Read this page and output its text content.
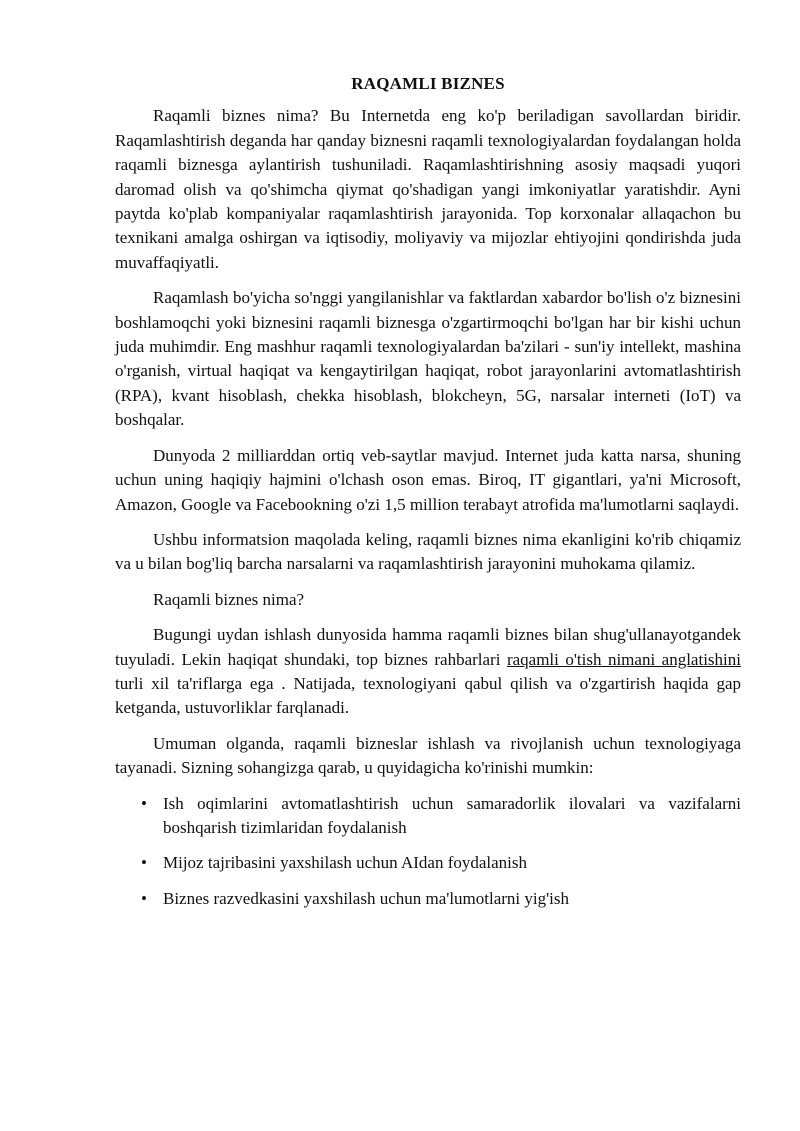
RAQAMLI BIZNES

Raqamli biznes nima? Bu Internetda eng ko'p beriladigan savollardan biridir. Raqamlashtirish deganda har qanday biznesni raqamli texnologiyalardan foydalangan holda raqamli biznesga aylantirish tushuniladi. Raqamlashtirishning asosiy maqsadi yuqori daromad olish va qo'shimcha qiymat qo'shadigan yangi imkoniyatlar yaratishdir. Ayni paytda ko'plab kompaniyalar raqamlashtirish jarayonida. Top korxonalar allaqachon bu texnikani amalga oshirgan va iqtisodiy, moliyaviy va mijozlar ehtiyojini qondirishda juda muvaffaqiyatli.

Raqamlash bo'yicha so'nggi yangilanishlar va faktlardan xabardor bo'lish o'z biznesini boshlamoqchi yoki biznesini raqamli biznesga o'zgartirmoqchi bo'lgan har bir kishi uchun juda muhimdir. Eng mashhur raqamli texnologiyalardan ba'zilari - sun'iy intellekt, mashina o'rganish, virtual haqiqat va kengaytirilgan haqiqat, robot jarayonlarini avtomatlashtirish (RPA), kvant hisoblash, chekka hisoblash, blokcheyn, 5G, narsalar interneti (IoT) va boshqalar.

Dunyoda 2 milliarddan ortiq veb-saytlar mavjud. Internet juda katta narsa, shuning uchun uning haqiqiy hajmini o'lchash oson emas. Biroq, IT gigantlari, ya'ni Microsoft, Amazon, Google va Facebookning o'zi 1,5 million terabayt atrofida ma'lumotlarni saqlaydi.

Ushbu informatsion maqolada keling, raqamli biznes nima ekanligini ko'rib chiqamiz va u bilan bog'liq barcha narsalarni va raqamlashtirish jarayonini muhokama qilamiz.

Raqamli biznes nima?

Bugungi uydan ishlash dunyosida hamma raqamli biznes bilan shug'ullanayotgandek tuyuladi. Lekin haqiqat shundaki, top biznes rahbarlari raqamli o'tish nimani anglatishini turli xil ta'riflarga ega . Natijada, texnologiyani qabul qilish va o'zgartirish haqida gap ketganda, ustuvorliklar farqlanadi.

Umuman olganda, raqamli bizneslar ishlash va rivojlanish uchun texnologiyaga tayanadi. Sizning sohangizga qarab, u quyidagicha ko'rinishi mumkin:

• Ish oqimlarini avtomatlashtirish uchun samaradorlik ilovalari va vazifalarni boshqarish tizimlaridan foydalanish
• Mijoz tajribasini yaxshilash uchun AIdan foydalanish
• Biznes razvedkasini yaxshilash uchun ma'lumotlarni yig'ish
